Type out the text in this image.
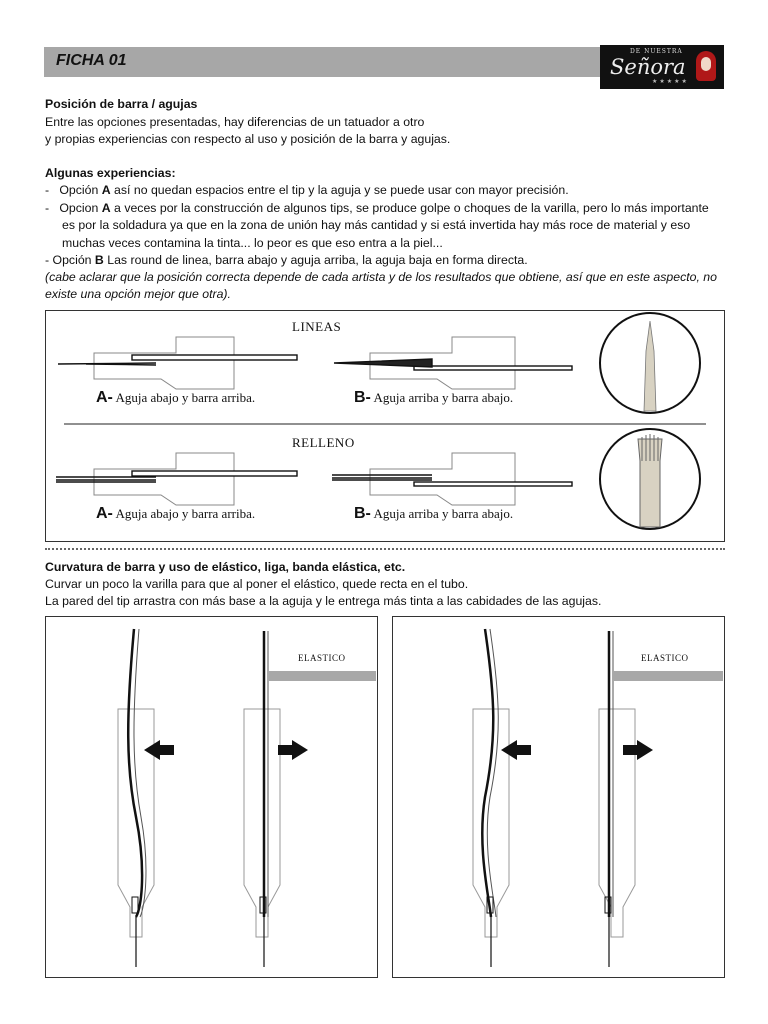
FICHA 01
DE NUESTRA
Señora
★★★★★
Posición de barra / agujas
Entre las opciones presentadas, hay diferencias de un tatuador a otro
y propias experiencias con respecto al uso y posición de la barra y agujas.
Algunas experiencias:
- Opción A así no quedan espacios entre el tip y la aguja y se puede usar con mayor precisión.
- Opcion A a veces por la construcción de algunos tips, se produce golpe o choques de la varilla, pero lo más importante
es por la soldadura ya que en la zona de unión hay más cantidad y si está invertida hay más roce de material y eso
muchas veces contamina la tinta... lo peor es que eso entra a la piel...
- Opción B Las round de linea, barra abajo y aguja arriba, la aguja baja en forma directa.
(cabe aclarar que la posición correcta depende de cada artista y de los resultados que obtiene, así que en este aspecto, no
existe una opción mejor que otra).
LINEAS
RELLENO
A- Aguja abajo y barra arriba.	B- Aguja arriba y barra abajo.
A- Aguja abajo y barra arriba.	B- Aguja arriba y barra abajo.
Curvatura de barra y uso de elástico, liga, banda elástica, etc.
Curvar un poco la varilla para que al poner el elástico, quede recta en el tubo.
La pared del tip arrastra con más base a la aguja y le entrega más tinta a las cabidades de las agujas.
ELASTICO	ELASTICO
